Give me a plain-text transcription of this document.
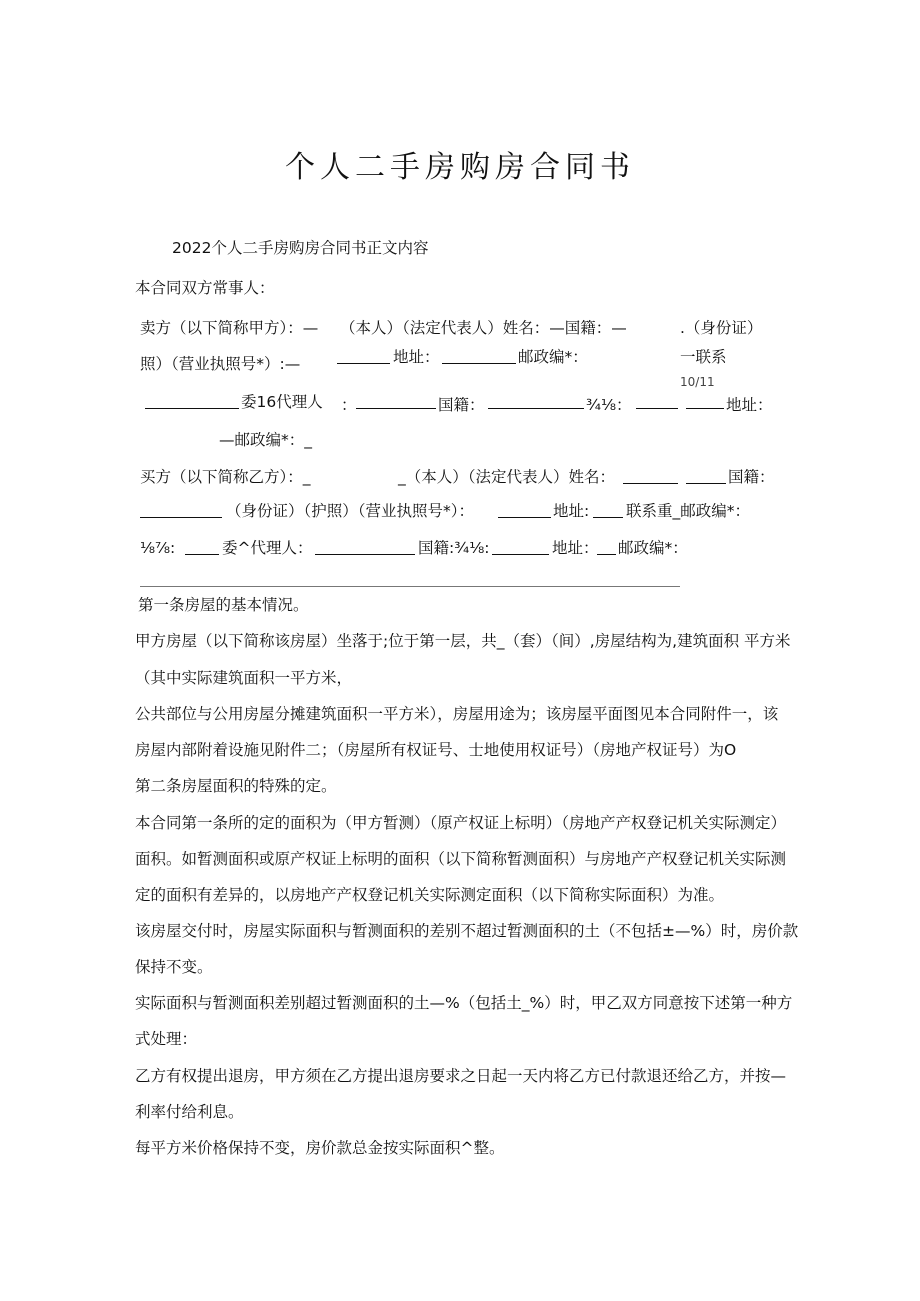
个人二手房购房合同书
2022个人二手房购房合同书正文内容
本合同双方常事人：
卖方（以下简称甲方）：— （本人）（法定代表人）姓名：—国籍：—	.（身份证）
照）（营业执照号*）:—	地址：	邮政编*：	一联系
10/11
委16代理人 ：	国籍：	¾⅛：	地址：
—邮政编*：_
买方（以下简称乙方）：_	_（本人）（法定代表人）姓名：	国籍：
（身份证）（护照）（营业执照号*）：	地址: 联系重_邮政编*：
⅛⅞:	委^代理人：	国籍:¾⅛:	地址： 邮政编*：
第一条房屋的基本情况。
甲方房屋（以下简称该房屋）坐落于;位于第一层，共_（套）（间）,房屋结构为,建筑面积 平方米
（其中实际建筑面积一平方米，
公共部位与公用房屋分摊建筑面积一平方米），房屋用途为；该房屋平面图见本合同附件一，该
房屋内部附着设施见附件二；（房屋所有权证号、士地使用权证号）（房地产权证号）为O
第二条房屋面积的特殊的定。
本合同第一条所的定的面积为（甲方暂测）（原产权证上标明）（房地产产权登记机关实际测定）
面积。如暂测面积或原产权证上标明的面积（以下简称暂测面积）与房地产产权登记机关实际测
定的面积有差异的，以房地产产权登记机关实际测定面积（以下简称实际面积）为准。
该房屋交付时，房屋实际面积与暂测面积的差别不超过暂测面积的土（不包括±—%）时，房价款
保持不变。
实际面积与暂测面积差别超过暂测面积的土—%（包括土_%）时，甲乙双方同意按下述第一种方
式处理：
乙方有权提出退房，甲方须在乙方提出退房要求之日起一天内将乙方已付款退还给乙方，并按—
利率付给利息。
每平方米价格保持不变，房价款总金按实际面积^整。
